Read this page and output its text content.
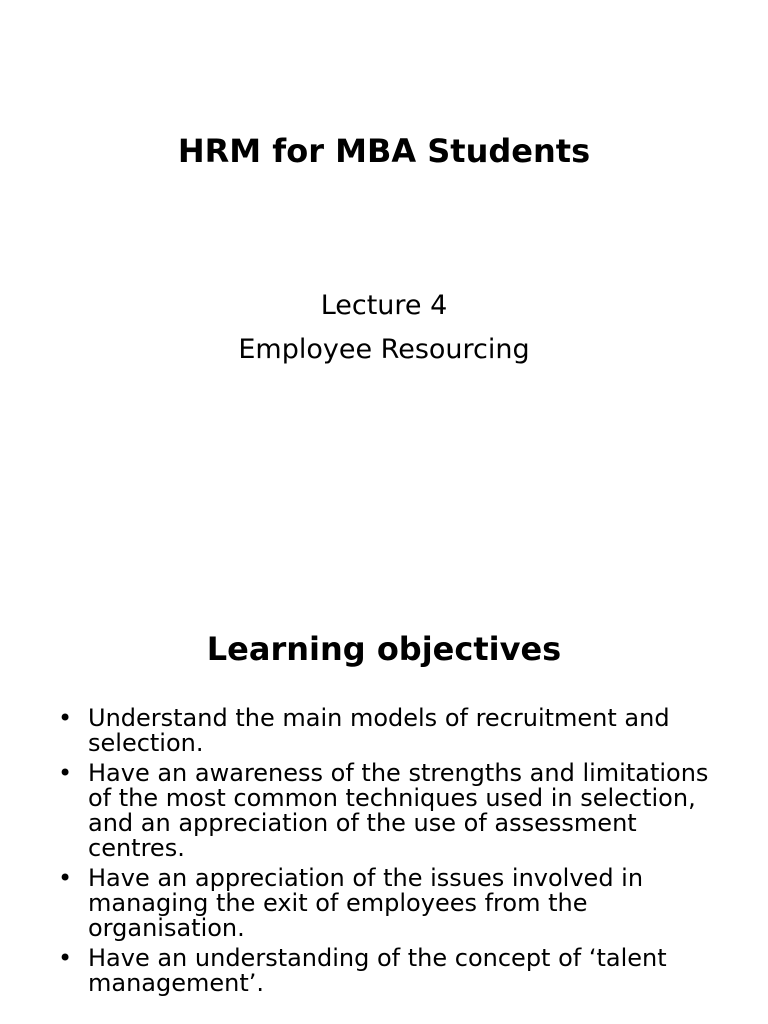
HRM for MBA Students
Lecture 4
Employee Resourcing
Learning objectives
• Understand the main models of recruitment and selection.
• Have an awareness of the strengths and limitations of the most common techniques used in selection, and an appreciation of the use of assessment centres.
• Have an appreciation of the issues involved in managing the exit of employees from the organisation.
• Have an understanding of the concept of ‘talent management’.
